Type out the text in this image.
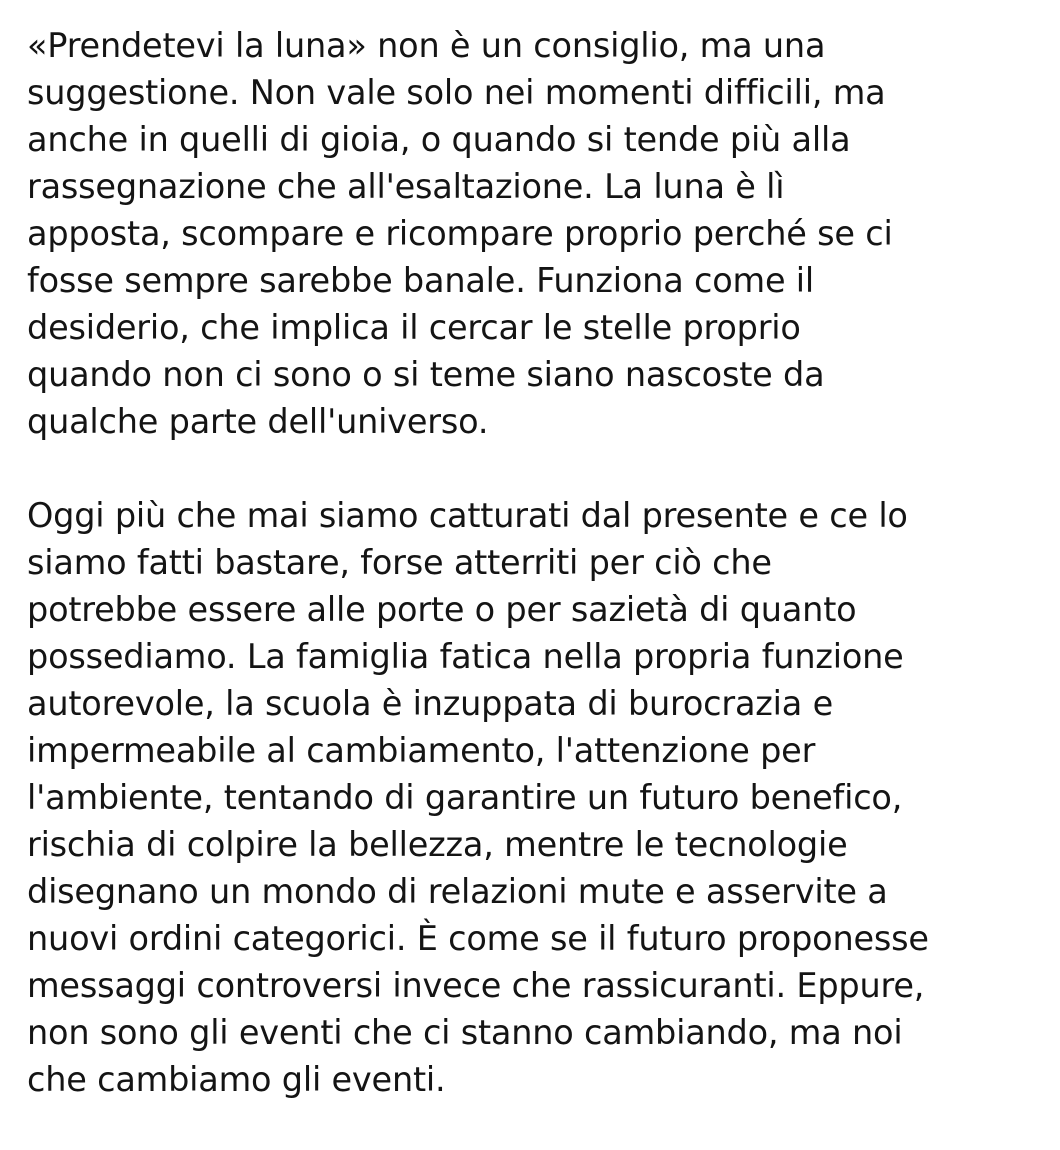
«Prendetevi la luna» non è un consiglio, ma una
suggestione. Non vale solo nei momenti difficili, ma
anche in quelli di gioia, o quando si tende più alla
rassegnazione che all'esaltazione. La luna è lì
apposta, scompare e ricompare proprio perché se ci
fosse sempre sarebbe banale. Funziona come il
desiderio, che implica il cercar le stelle proprio
quando non ci sono o si teme siano nascoste da
qualche parte dell'universo.

Oggi più che mai siamo catturati dal presente e ce lo
siamo fatti bastare, forse atterriti per ciò che
potrebbe essere alle porte o per sazietà di quanto
possediamo. La famiglia fatica nella propria funzione
autorevole, la scuola è inzuppata di burocrazia e
impermeabile al cambiamento, l'attenzione per
l'ambiente, tentando di garantire un futuro benefico,
rischia di colpire la bellezza, mentre le tecnologie
disegnano un mondo di relazioni mute e asservite a
nuovi ordini categorici. È come se il futuro proponesse
messaggi controversi invece che rassicuranti. Eppure,
non sono gli eventi che ci stanno cambiando, ma noi
che cambiamo gli eventi.
